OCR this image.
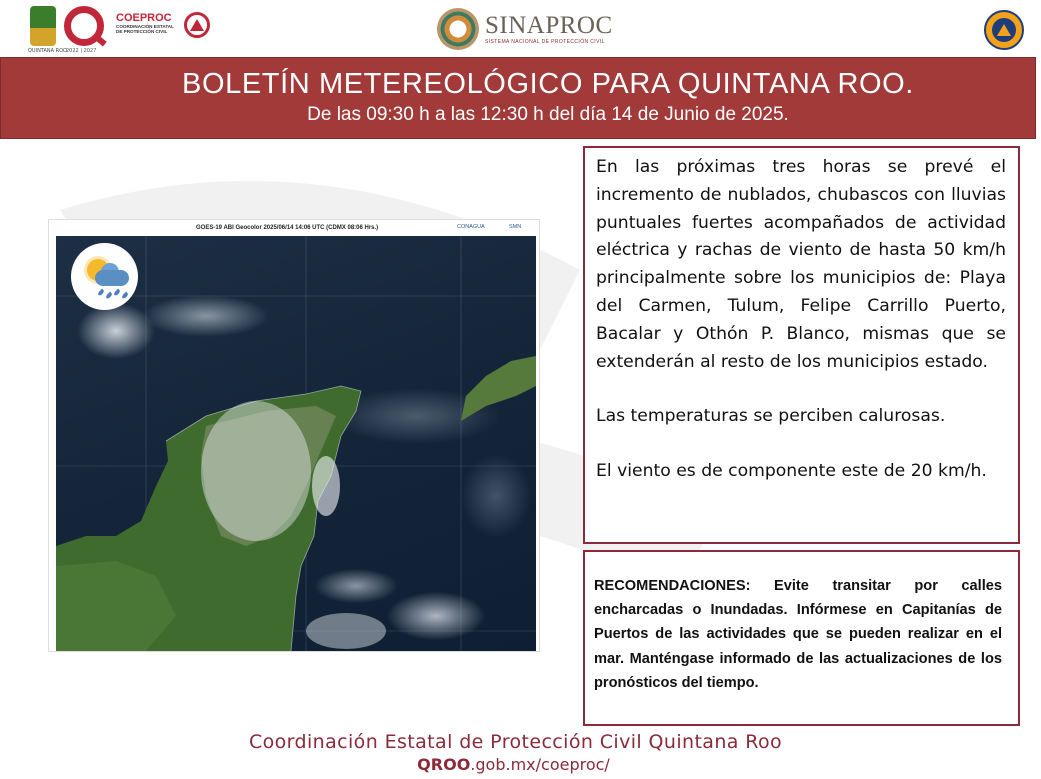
QUINTANA ROO 2022 | 2027
COEPROC
COORDINACIÓN ESTATAL DE PROTECCIÓN CIVIL	SINAPROC
SISTEMA NACIONAL DE PROTECCIÓN CIVIL
BOLETÍN METEREOLÓGICO PARA QUINTANA ROO.
De las 09:30 h a las 12:30 h del día 14 de Junio de 2025.
GOES-19 ABI Geocolor 2025/06/14 14:06 UTC (CDMX 08:06 Hrs.)	CONAGUA	SMN

En las próximas tres horas se prevé el incremento de nublados, chubascos con lluvias puntuales fuertes acompañados de actividad eléctrica y rachas de viento de hasta 50 km/h principalmente sobre los municipios de: Playa del Carmen, Tulum, Felipe Carrillo Puerto, Bacalar y Othón P. Blanco, mismas que se extenderán al resto de los municipios estado.

Las temperaturas se perciben calurosas.

El viento es de componente este de 20 km/h.

RECOMENDACIONES: Evite transitar por calles encharcadas o Inundadas. Infórmese en Capitanías de Puertos de las actividades que se pueden realizar en el mar. Manténgase informado de las actualizaciones de los pronósticos del tiempo.

Coordinación Estatal de Protección Civil Quintana Roo
QROO.gob.mx/coeproc/
